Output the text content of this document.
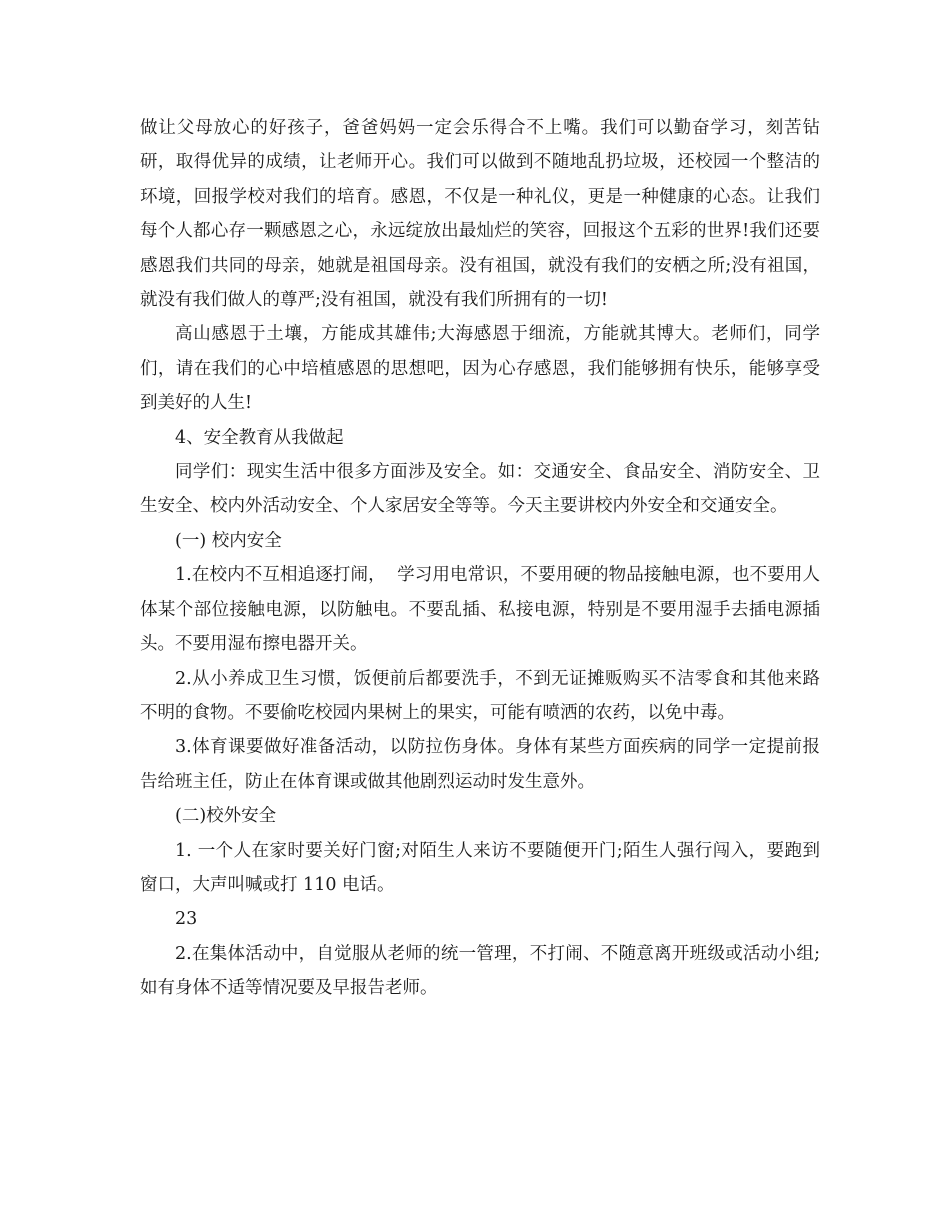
做让父母放心的好孩子，爸爸妈妈一定会乐得合不上嘴。我们可以勤奋学习，刻苦钻研，取得优异的成绩，让老师开心。我们可以做到不随地乱扔垃圾，还校园一个整洁的环境，回报学校对我们的培育。感恩，不仅是一种礼仪，更是一种健康的心态。让我们每个人都心存一颗感恩之心，永远绽放出最灿烂的笑容，回报这个五彩的世界!我们还要感恩我们共同的母亲，她就是祖国母亲。没有祖国，就没有我们的安栖之所;没有祖国，就没有我们做人的尊严;没有祖国，就没有我们所拥有的一切!

高山感恩于土壤，方能成其雄伟;大海感恩于细流，方能就其博大。老师们，同学们，请在我们的心中培植感恩的思想吧，因为心存感恩，我们能够拥有快乐，能够享受到美好的人生!

4、安全教育从我做起

同学们：现实生活中很多方面涉及安全。如：交通安全、食品安全、消防安全、卫生安全、校内外活动安全、个人家居安全等等。今天主要讲校内外安全和交通安全。

(一) 校内安全

1.在校内不互相追逐打闹，  学习用电常识，不要用硬的物品接触电源，也不要用人体某个部位接触电源，以防触电。不要乱插、私接电源，特别是不要用湿手去插电源插头。不要用湿布擦电器开关。

2.从小养成卫生习惯，饭便前后都要洗手，不到无证摊贩购买不洁零食和其他来路不明的食物。不要偷吃校园内果树上的果实，可能有喷洒的农药，以免中毒。

3.体育课要做好准备活动，以防拉伤身体。身体有某些方面疾病的同学一定提前报告给班主任，防止在体育课或做其他剧烈运动时发生意外。

(二)校外安全

1. 一个人在家时要关好门窗;对陌生人来访不要随便开门;陌生人强行闯入，要跑到窗口，大声叫喊或打 110 电话。

23

2.在集体活动中，自觉服从老师的统一管理，不打闹、不随意离开班级或活动小组;如有身体不适等情况要及早报告老师。
